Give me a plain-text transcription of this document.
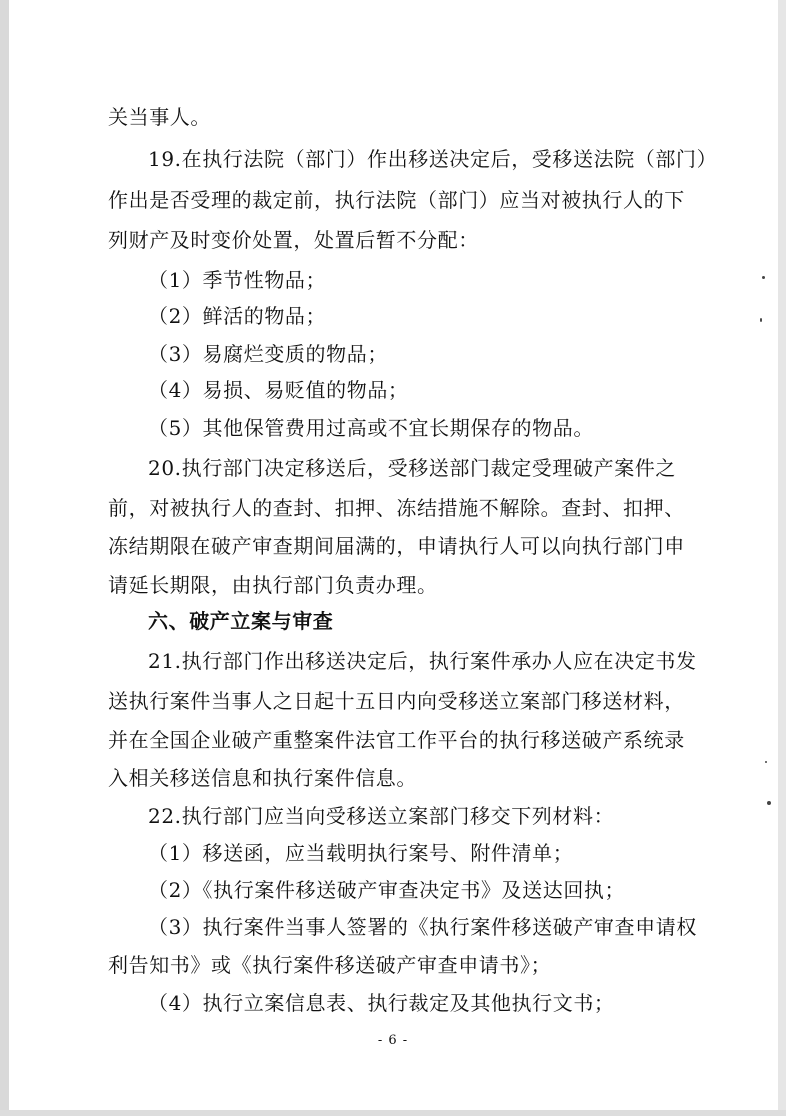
关当事人。
19.在执行法院（部门）作出移送决定后，受移送法院（部门）
作出是否受理的裁定前，执行法院（部门）应当对被执行人的下
列财产及时变价处置，处置后暂不分配：
（1）季节性物品；
（2）鲜活的物品；
（3）易腐烂变质的物品；
（4）易损、易贬值的物品；
（5）其他保管费用过高或不宜长期保存的物品。
20.执行部门决定移送后，受移送部门裁定受理破产案件之
前，对被执行人的查封、扣押、冻结措施不解除。查封、扣押、
冻结期限在破产审查期间届满的，申请执行人可以向执行部门申
请延长期限，由执行部门负责办理。
六、破产立案与审查
21.执行部门作出移送决定后，执行案件承办人应在决定书发
送执行案件当事人之日起十五日内向受移送立案部门移送材料，
并在全国企业破产重整案件法官工作平台的执行移送破产系统录
入相关移送信息和执行案件信息。
22.执行部门应当向受移送立案部门移交下列材料：
（1）移送函，应当载明执行案号、附件清单；
（2）《执行案件移送破产审查决定书》及送达回执；
（3）执行案件当事人签署的《执行案件移送破产审查申请权
利告知书》或《执行案件移送破产审查申请书》；
（4）执行立案信息表、执行裁定及其他执行文书；
- 6 -
